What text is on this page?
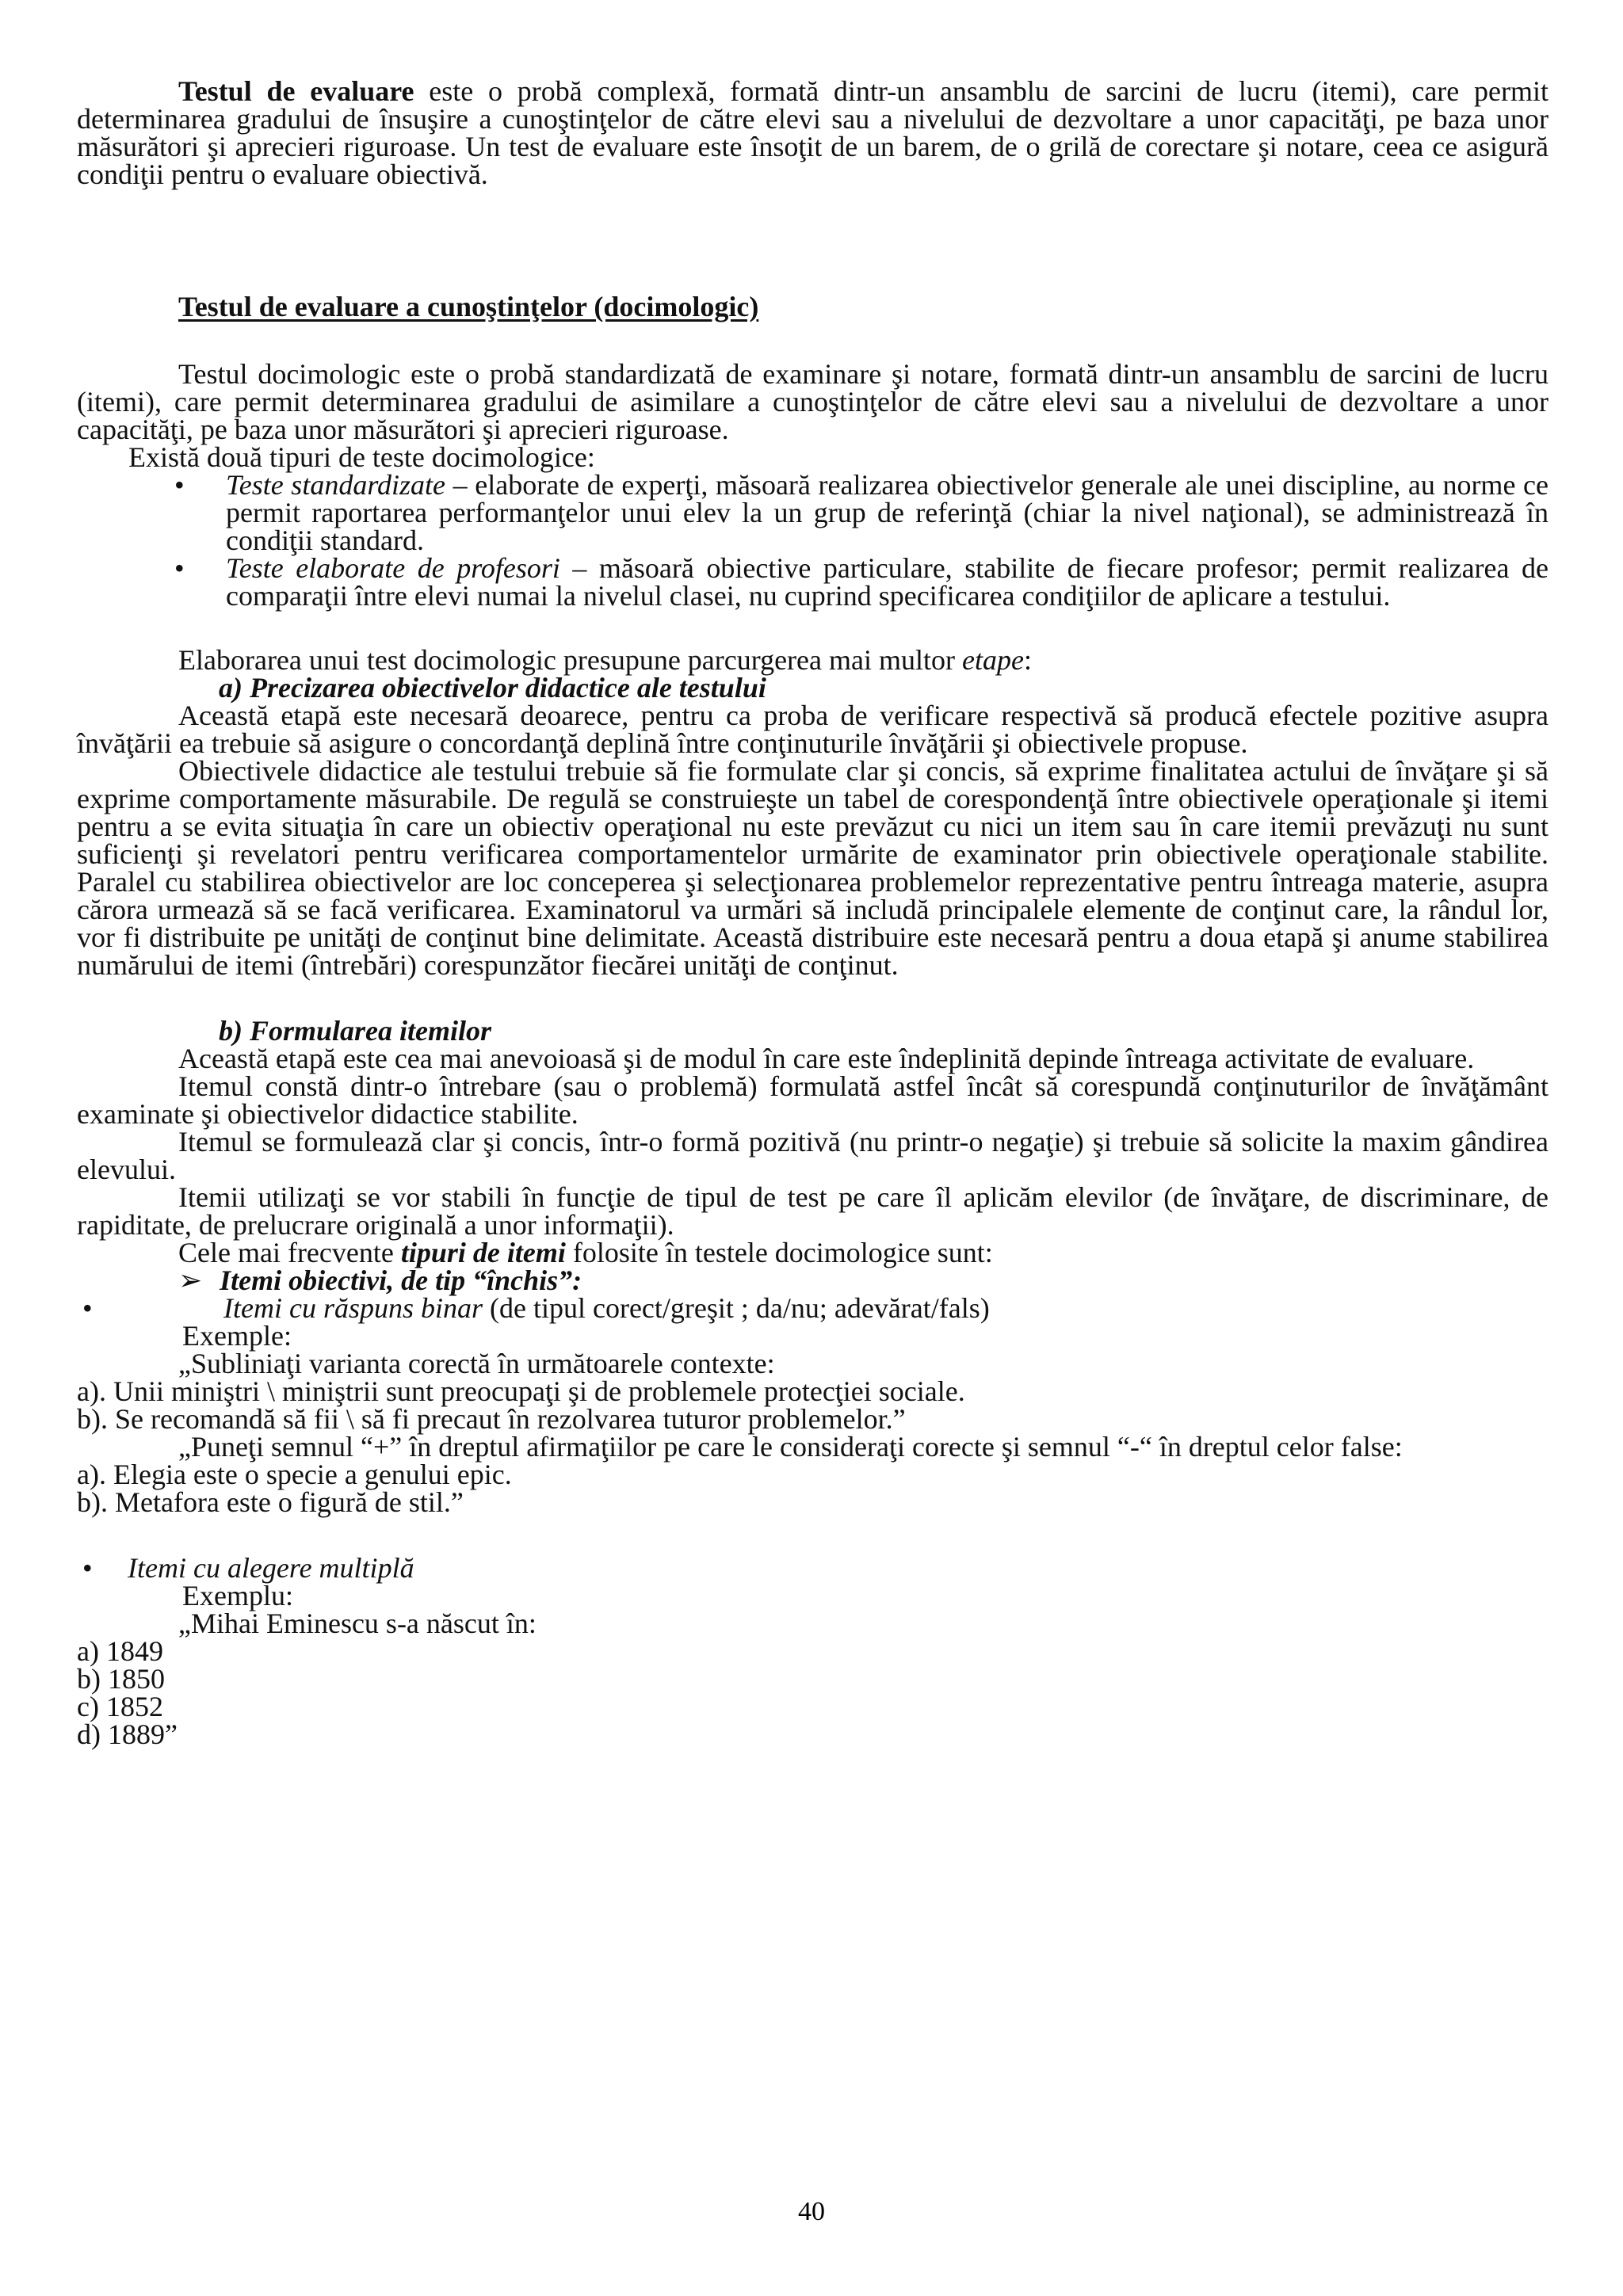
Testul de evaluare este o probă complexă, formată dintr-un ansamblu de sarcini de lucru (itemi), care permit determinarea gradului de însuşire a cunoştinţelor de către elevi sau a nivelului de dezvoltare a unor capacităţi, pe baza unor măsurători şi aprecieri riguroase. Un test de evaluare este însoţit de un barem, de o grilă de corectare şi notare, ceea ce asigură condiţii pentru o evaluare obiectivă.

Testul de evaluare a cunoştinţelor (docimologic)

Testul docimologic este o probă standardizată de examinare şi notare, formată dintr-un ansamblu de sarcini de lucru (itemi), care permit determinarea gradului de asimilare a cunoştinţelor de către elevi sau a nivelului de dezvoltare a unor capacităţi, pe baza unor măsurători şi aprecieri riguroase.

Există două tipuri de teste docimologice:

• Teste standardizate – elaborate de experţi, măsoară realizarea obiectivelor generale ale unei discipline, au norme ce permit raportarea performanţelor unui elev la un grup de referinţă (chiar la nivel naţional), se administrează în condiţii standard.
• Teste elaborate de profesori – măsoară obiective particulare, stabilite de fiecare profesor; permit realizarea de comparaţii între elevi numai la nivelul clasei, nu cuprind specificarea condiţiilor de aplicare a testului.

Elaborarea unui test docimologic presupune parcurgerea mai multor etape:

a) Precizarea obiectivelor didactice ale testului

Această etapă este necesară deoarece, pentru ca proba de verificare respectivă să producă efectele pozitive asupra învăţării ea trebuie să asigure o concordanţă deplină între conţinuturile învăţării şi obiectivele propuse.

Obiectivele didactice ale testului trebuie să fie formulate clar şi concis, să exprime finalitatea actului de învăţare şi să exprime comportamente măsurabile. De regulă se construieşte un tabel de corespondenţă între obiectivele operaţionale şi itemi pentru a se evita situaţia în care un obiectiv operaţional nu este prevăzut cu nici un item sau în care itemii prevăzuţi nu sunt suficienţi şi revelatori pentru verificarea comportamentelor urmărite de examinator prin obiectivele operaţionale stabilite. Paralel cu stabilirea obiectivelor are loc conceperea şi selecţionarea problemelor reprezentative pentru întreaga materie, asupra cărora urmează să se facă verificarea. Examinatorul va urmări să includă principalele elemente de conţinut care, la rândul lor, vor fi distribuite pe unităţi de conţinut bine delimitate. Această distribuire este necesară pentru a doua etapă şi anume stabilirea numărului de itemi (întrebări) corespunzător fiecărei unităţi de conţinut.

b) Formularea itemilor

Această etapă este cea mai anevoioasă şi de modul în care este îndeplinită depinde întreaga activitate de evaluare.

Itemul constă dintr-o întrebare (sau o problemă) formulată astfel încât să corespundă conţinuturilor de învăţământ examinate şi obiectivelor didactice stabilite.

Itemul se formulează clar şi concis, într-o formă pozitivă (nu printr-o negaţie) şi trebuie să solicite la maxim gândirea elevului.

Itemii utilizaţi se vor stabili în funcţie de tipul de test pe care îl aplicăm elevilor (de învăţare, de discriminare, de rapiditate, de prelucrare originală a unor informaţii).

Cele mai frecvente tipuri de itemi folosite în testele docimologice sunt:

➢ Itemi obiectivi, de tip “închis”:

•	Itemi cu răspuns binar (de tipul corect/greşit ; da/nu; adevărat/fals)

Exemple:

„Subliniaţi varianta corectă în următoarele contexte:

a). Unii miniştri \ miniştrii sunt preocupaţi şi de problemele protecţiei sociale.

b). Se recomandă să fii \ să fi precaut în rezolvarea tuturor problemelor.”

„Puneţi semnul “+” în dreptul afirmaţiilor pe care le consideraţi corecte şi semnul “-“ în dreptul celor false:

a). Elegia este o specie a genului epic.

b). Metafora este o figură de stil.”

• Itemi cu alegere multiplă

Exemplu:

„Mihai Eminescu s-a născut în:

a) 1849

b) 1850

c) 1852

d) 1889”

40
